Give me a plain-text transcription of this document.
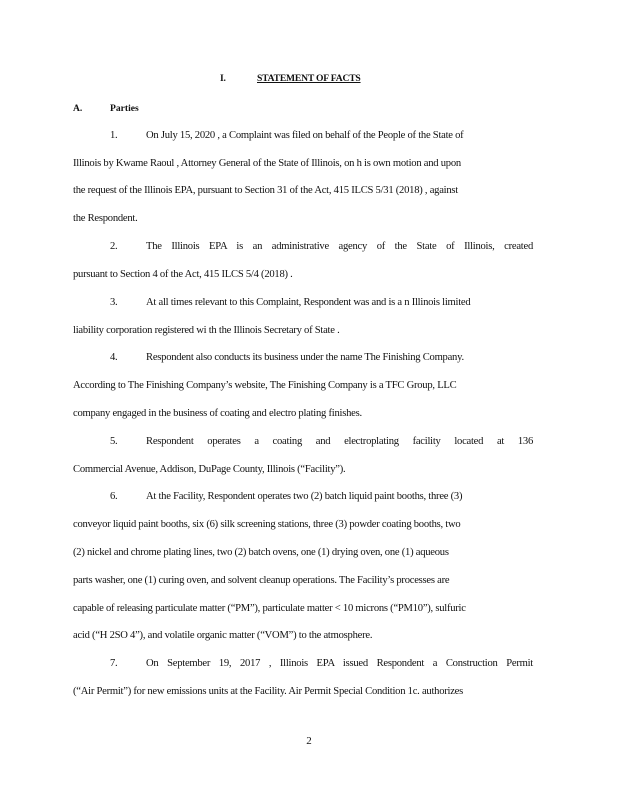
I.	STATEMENT OF FACTS
A.	Parties
1.	On July 15, 2020 , a Complaint was filed on behalf of the People of the State of
Illinois by Kwame Raoul , Attorney General of the State of Illinois, on h is own motion and upon
the request of the Illinois EPA, pursuant to Section 31 of the Act, 415 ILCS 5/31 (2018) , against
the Respondent.
2.	The Illinois EPA is an administrative agency of the State of Illinois, created
pursuant to Section 4 of the Act, 415 ILCS 5/4 (2018) .
3.	At all times relevant to this Complaint, Respondent was and is a n Illinois limited
liability corporation registered wi th the Illinois Secretary of State .
4.	Respondent also conducts its business under the name The Finishing Company.
According to The Finishing Company’s website, The Finishing Company is a TFC Group, LLC
company engaged in the business of coating and electro plating finishes.
5.	Respondent operates a coating and electroplating facility located at 136
Commercial Avenue, Addison, DuPage County, Illinois (“Facility”).
6.	At the Facility, Respondent operates two (2) batch liquid paint booths, three (3)
conveyor liquid paint booths, six (6) silk screening stations, three (3) powder coating booths, two
(2) nickel and chrome plating lines, two (2) batch ovens, one (1) drying oven, one (1) aqueous
parts washer, one (1) curing oven, and solvent cleanup operations. The Facility’s processes are
capable of releasing particulate matter (“PM”), particulate matter < 10 microns (“PM10”), sulfuric
acid (“H 2SO 4”), and volatile organic matter (“VOM”) to the atmosphere.
7.	On September 19, 2017 , Illinois EPA issued Respondent a Construction Permit
(“Air Permit”) for new emissions units at the Facility. Air Permit Special Condition 1c. authorizes
2
